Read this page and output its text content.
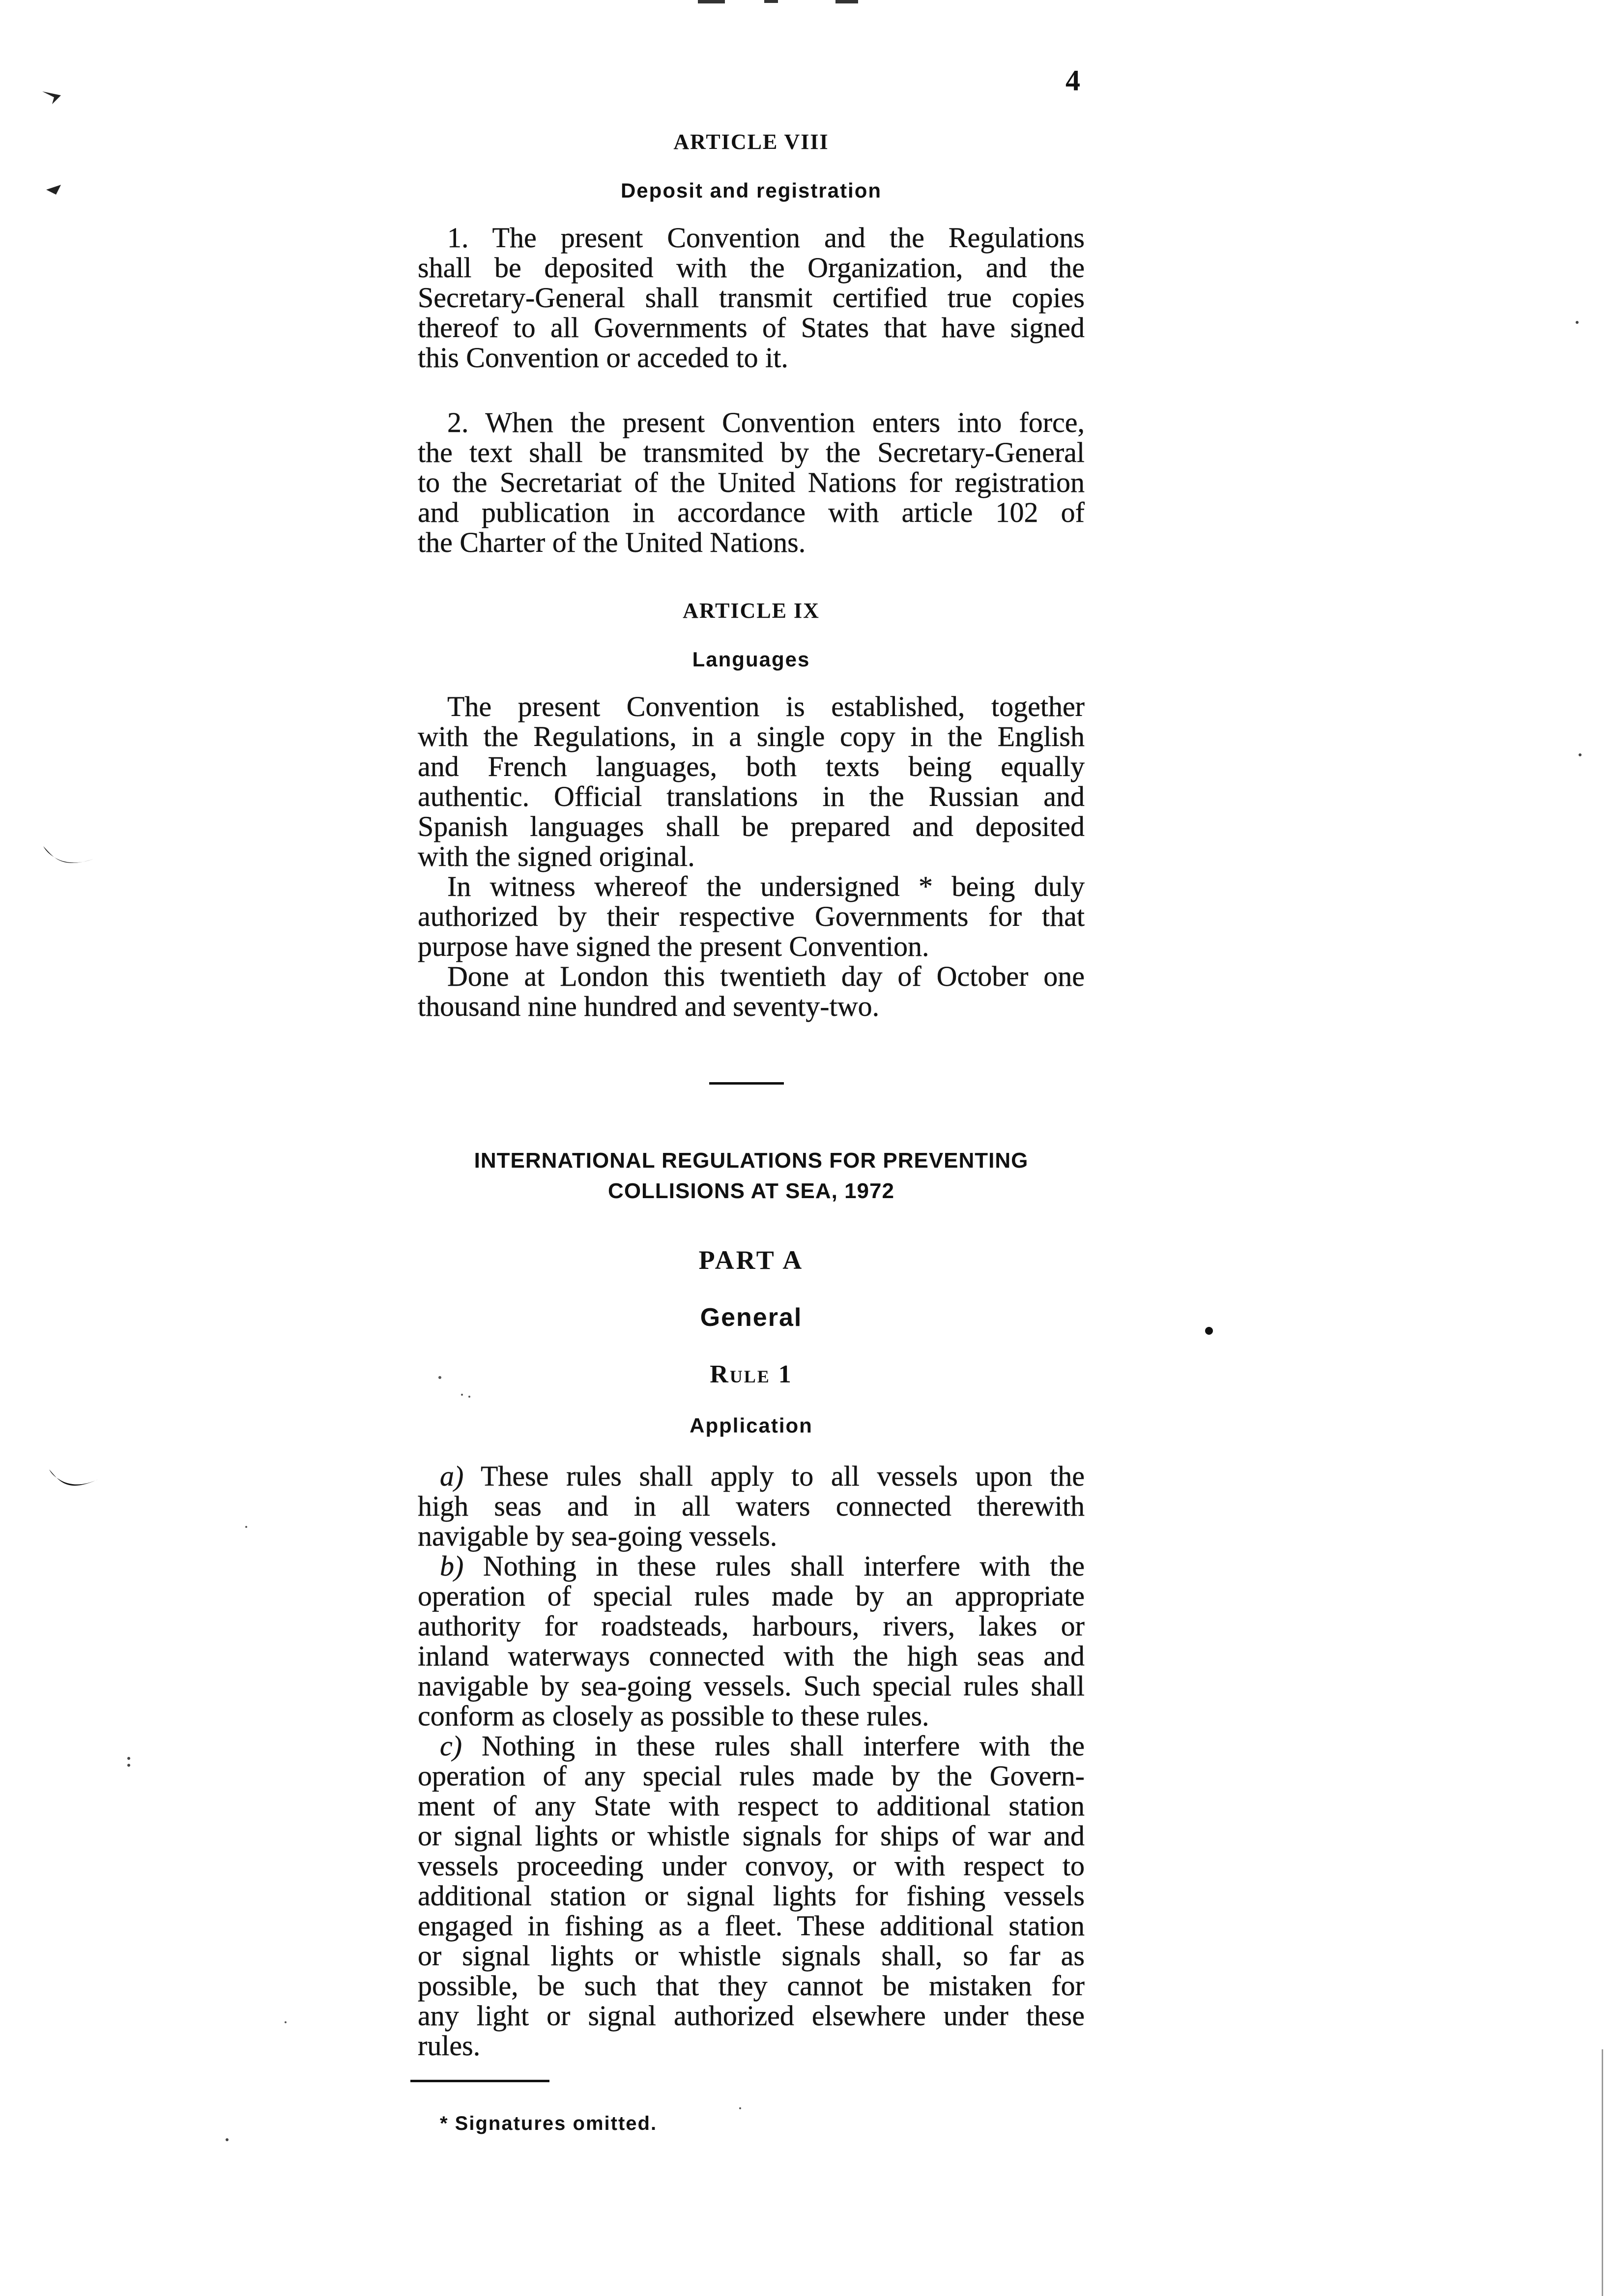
4
ARTICLE VIII
Deposit and registration
1. The present Convention and the Regulations
shall be deposited with the Organization, and the
Secretary-General shall transmit certified true copies
thereof to all Governments of States that have signed
this Convention or acceded to it.
2. When the present Convention enters into force,
the text shall be transmited by the Secretary-General
to the Secretariat of the United Nations for registration
and publication in accordance with article 102 of
the Charter of the United Nations.
ARTICLE IX
Languages
The present Convention is established, together
with the Regulations, in a single copy in the English
and French languages, both texts being equally
authentic. Official translations in the Russian and
Spanish languages shall be prepared and deposited
with the signed original.
In witness whereof the undersigned * being duly
authorized by their respective Governments for that
purpose have signed the present Convention.
Done at London this twentieth day of October one
thousand nine hundred and seventy-two.
INTERNATIONAL REGULATIONS FOR PREVENTING
COLLISIONS AT SEA, 1972
PART A
General
Rule 1
Application
a) These rules shall apply to all vessels upon the
high seas and in all waters connected therewith
navigable by sea-going vessels.
b) Nothing in these rules shall interfere with the
operation of special rules made by an appropriate
authority for roadsteads, harbours, rivers, lakes or
inland waterways connected with the high seas and
navigable by sea-going vessels. Such special rules shall
conform as closely as possible to these rules.
c) Nothing in these rules shall interfere with the
operation of any special rules made by the Govern-
ment of any State with respect to additional station
or signal lights or whistle signals for ships of war and
vessels proceeding under convoy, or with respect to
additional station or signal lights for fishing vessels
engaged in fishing as a fleet. These additional station
or signal lights or whistle signals shall, so far as
possible, be such that they cannot be mistaken for
any light or signal authorized elsewhere under these
rules.
* Signatures omitted.
